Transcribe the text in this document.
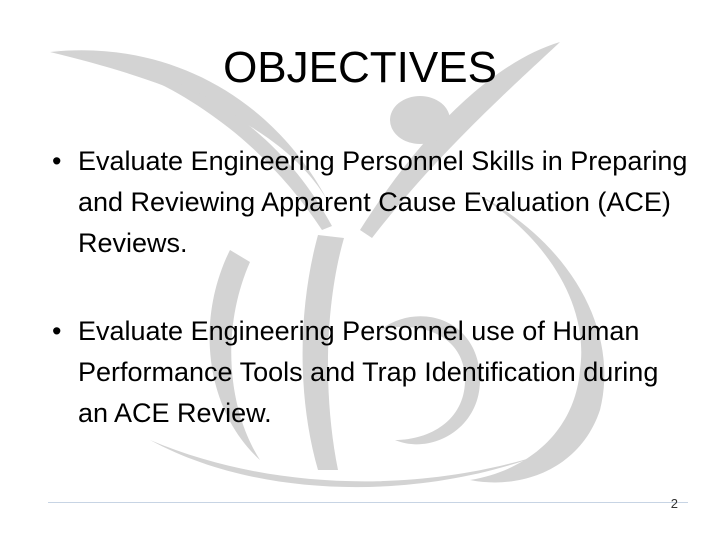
OBJECTIVES
• Evaluate Engineering Personnel Skills in Preparing and Reviewing Apparent Cause Evaluation (ACE) Reviews.
• Evaluate Engineering Personnel use of Human Performance Tools and Trap Identification during an ACE Review.
2
